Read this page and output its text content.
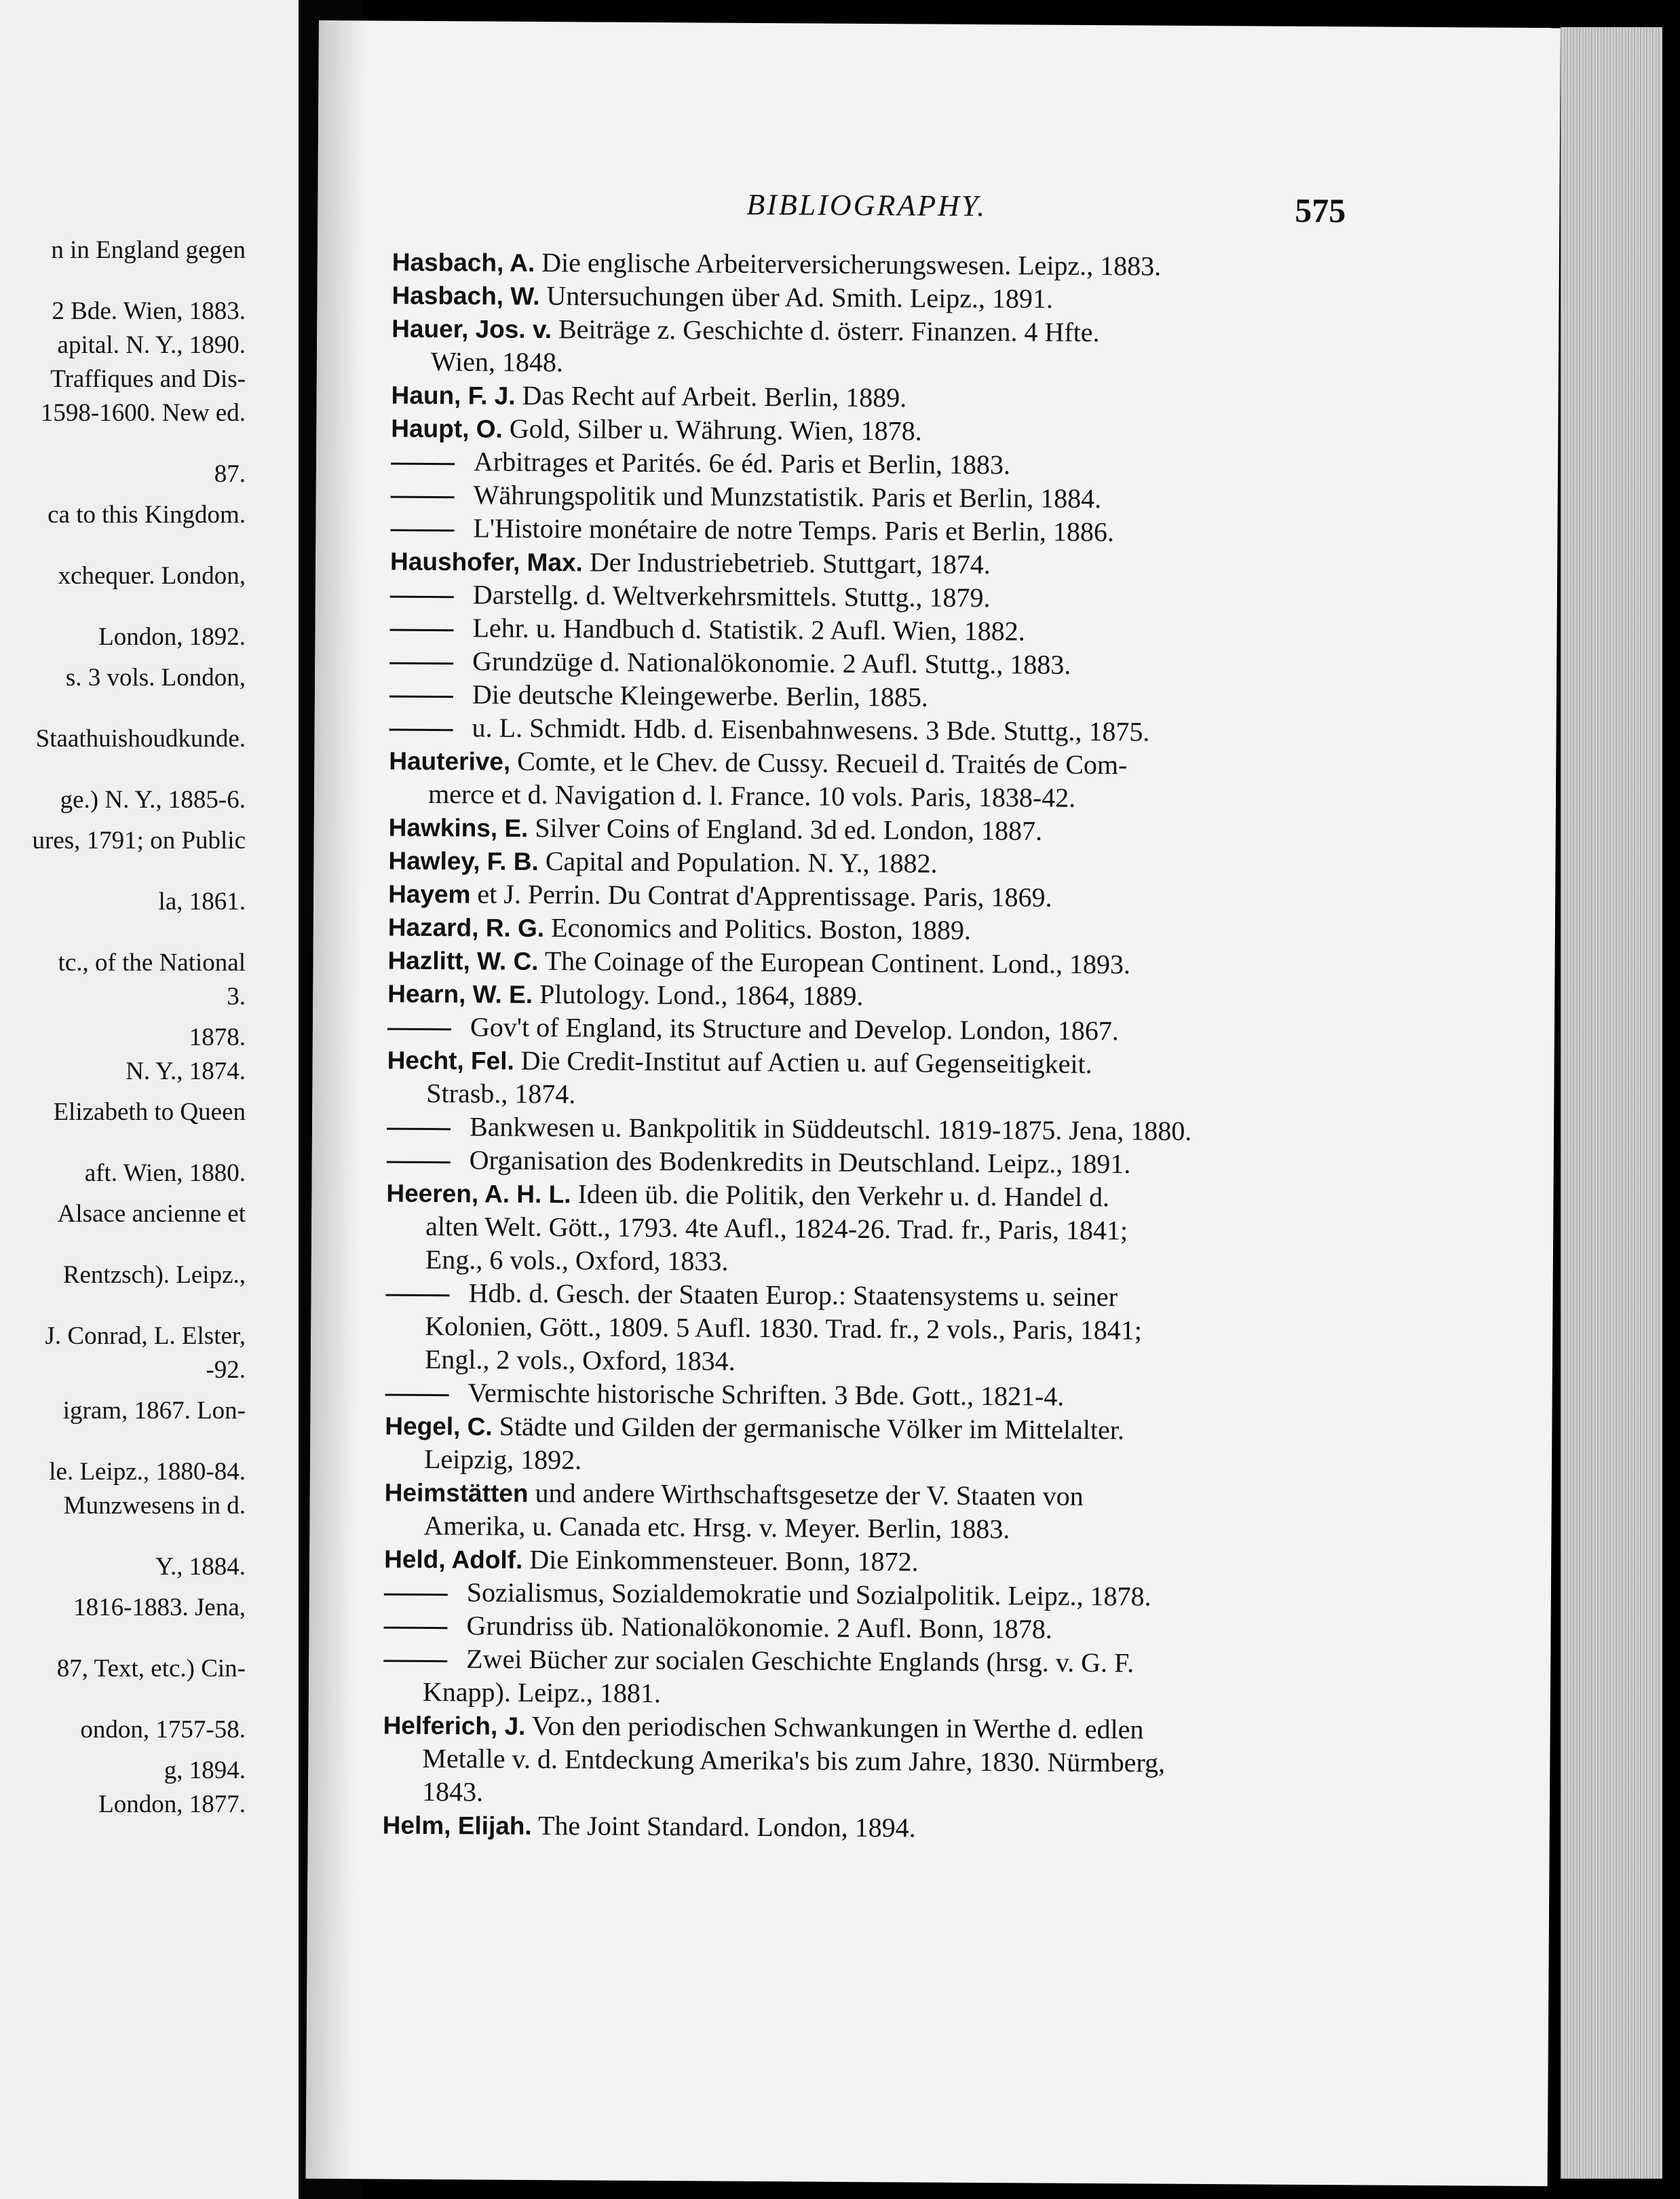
n in England gegen
2 Bde. Wien, 1883.
apital. N. Y., 1890.
Traffiques and Dis-
1598-1600. New ed.
87.
ca to this Kingdom.
xchequer. London,
London, 1892.
s. 3 vols. London,
Staathuishoudkunde.
ge.) N. Y., 1885-6.
ures, 1791; on Public
la, 1861.
tc., of the National
3.
1878.
N. Y., 1874.
Elizabeth to Queen
aft. Wien, 1880.
Alsace ancienne et
Rentzsch). Leipz.,
J. Conrad, L. Elster,
-92.
igram, 1867. Lon-
le. Leipz., 1880-84.
Munzwesens in d.
Y., 1884.
1816-1883. Jena,
87, Text, etc.) Cin-
ondon, 1757-58.
g, 1894.
London, 1877.
BIBLIOGRAPHY.	575
Hasbach, A. Die englische Arbeiterversicherungswesen. Leipz., 1883.
Hasbach, W. Untersuchungen über Ad. Smith. Leipz., 1891.
Hauer, Jos. v. Beiträge z. Geschichte d. österr. Finanzen. 4 Hfte.
Wien, 1848.
Haun, F. J. Das Recht auf Arbeit. Berlin, 1889.
Haupt, O. Gold, Silber u. Währung. Wien, 1878.
Arbitrages et Parités. 6e éd. Paris et Berlin, 1883.
Währungspolitik und Munzstatistik. Paris et Berlin, 1884.
L'Histoire monétaire de notre Temps. Paris et Berlin, 1886.
Haushofer, Max. Der Industriebetrieb. Stuttgart, 1874.
Darstellg. d. Weltverkehrsmittels. Stuttg., 1879.
Lehr. u. Handbuch d. Statistik. 2 Aufl. Wien, 1882.
Grundzüge d. Nationalökonomie. 2 Aufl. Stuttg., 1883.
Die deutsche Kleingewerbe. Berlin, 1885.
u. L. Schmidt. Hdb. d. Eisenbahnwesens. 3 Bde. Stuttg., 1875.
Hauterive, Comte, et le Chev. de Cussy. Recueil d. Traités de Com-
merce et d. Navigation d. l. France. 10 vols. Paris, 1838-42.
Hawkins, E. Silver Coins of England. 3d ed. London, 1887.
Hawley, F. B. Capital and Population. N. Y., 1882.
Hayem et J. Perrin. Du Contrat d'Apprentissage. Paris, 1869.
Hazard, R. G. Economics and Politics. Boston, 1889.
Hazlitt, W. C. The Coinage of the European Continent. Lond., 1893.
Hearn, W. E. Plutology. Lond., 1864, 1889.
Gov't of England, its Structure and Develop. London, 1867.
Hecht, Fel. Die Credit-Institut auf Actien u. auf Gegenseitigkeit.
Strasb., 1874.
Bankwesen u. Bankpolitik in Süddeutschl. 1819-1875. Jena, 1880.
Organisation des Bodenkredits in Deutschland. Leipz., 1891.
Heeren, A. H. L. Ideen üb. die Politik, den Verkehr u. d. Handel d.
alten Welt. Gött., 1793. 4te Aufl., 1824-26. Trad. fr., Paris, 1841;
Eng., 6 vols., Oxford, 1833.
Hdb. d. Gesch. der Staaten Europ.: Staatensystems u. seiner
Kolonien, Gött., 1809. 5 Aufl. 1830. Trad. fr., 2 vols., Paris, 1841;
Engl., 2 vols., Oxford, 1834.
Vermischte historische Schriften. 3 Bde. Gott., 1821-4.
Hegel, C. Städte und Gilden der germanische Völker im Mittelalter.
Leipzig, 1892.
Heimstätten und andere Wirthschaftsgesetze der V. Staaten von
Amerika, u. Canada etc. Hrsg. v. Meyer. Berlin, 1883.
Held, Adolf. Die Einkommensteuer. Bonn, 1872.
Sozialismus, Sozialdemokratie und Sozialpolitik. Leipz., 1878.
Grundriss üb. Nationalökonomie. 2 Aufl. Bonn, 1878.
Zwei Bücher zur socialen Geschichte Englands (hrsg. v. G. F.
Knapp). Leipz., 1881.
Helferich, J. Von den periodischen Schwankungen in Werthe d. edlen
Metalle v. d. Entdeckung Amerika's bis zum Jahre, 1830. Nürmberg,
1843.
Helm, Elijah. The Joint Standard. London, 1894.
